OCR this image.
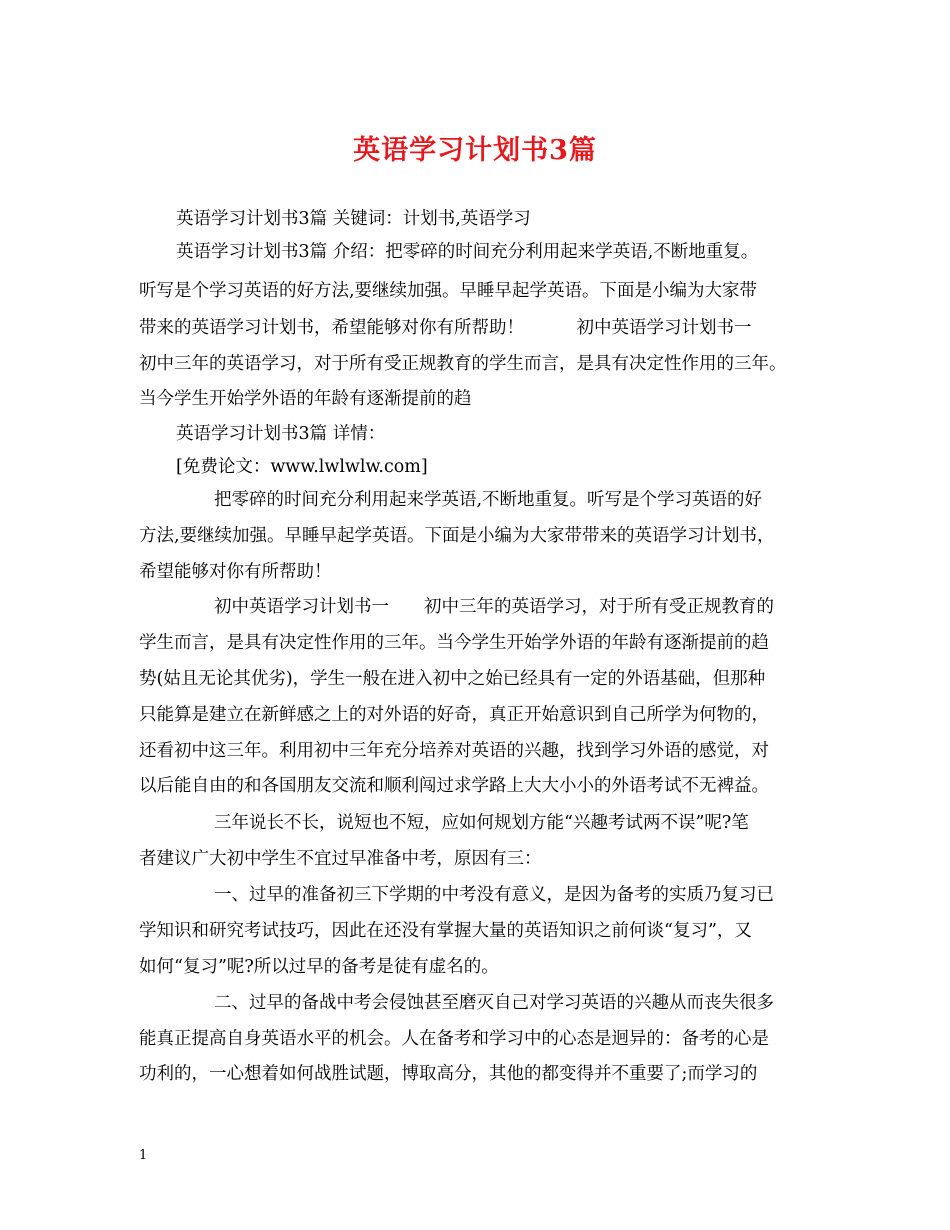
英语学习计划书3篇
英语学习计划书3篇 关键词：计划书,英语学习
英语学习计划书3篇 介绍：把零碎的时间充分利用起来学英语,不断地重复。
听写是个学习英语的好方法,要继续加强。早睡早起学英语。下面是小编为大家带
带来的英语学习计划书，希望能够对你有所帮助！　　　初中英语学习计划书一
初中三年的英语学习，对于所有受正规教育的学生而言，是具有决定性作用的三年。
当今学生开始学外语的年龄有逐渐提前的趋
英语学习计划书3篇 详情：
[免费论文：www.lwlwlw.com]
把零碎的时间充分利用起来学英语,不断地重复。听写是个学习英语的好
方法,要继续加强。早睡早起学英语。下面是小编为大家带带来的英语学习计划书，
希望能够对你有所帮助！
初中英语学习计划书一　　初中三年的英语学习，对于所有受正规教育的
学生而言，是具有决定性作用的三年。当今学生开始学外语的年龄有逐渐提前的趋
势(姑且无论其优劣)，学生一般在进入初中之始已经具有一定的外语基础，但那种
只能算是建立在新鲜感之上的对外语的好奇，真正开始意识到自己所学为何物的，
还看初中这三年。利用初中三年充分培养对英语的兴趣，找到学习外语的感觉，对
以后能自由的和各国朋友交流和顺利闯过求学路上大大小小的外语考试不无裨益。
三年说长不长，说短也不短，应如何规划方能“兴趣考试两不误”呢?笔
者建议广大初中学生不宜过早准备中考，原因有三：
一、过早的准备初三下学期的中考没有意义，是因为备考的实质乃复习已
学知识和研究考试技巧，因此在还没有掌握大量的英语知识之前何谈“复习”，又
如何“复习”呢?所以过早的备考是徒有虚名的。
二、过早的备战中考会侵蚀甚至磨灭自己对学习英语的兴趣从而丧失很多
能真正提高自身英语水平的机会。人在备考和学习中的心态是迥异的：备考的心是
功利的，一心想着如何战胜试题，博取高分，其他的都变得并不重要了;而学习的
1
